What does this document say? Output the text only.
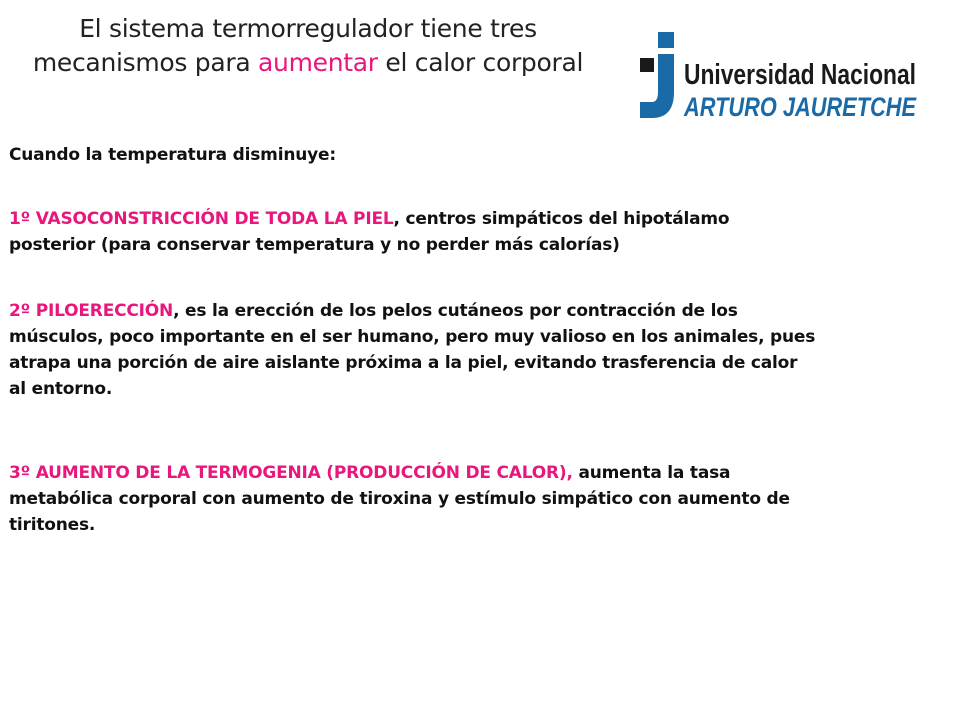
El sistema termorregulador tiene tres
mecanismos para aumentar el calor corporal	Universidad Nacional
ARTURO JAURETCHE

Cuando la temperatura disminuye:

1º VASOCONSTRICCIÓN DE TODA LA PIEL, centros simpáticos del hipotálamo posterior (para conservar temperatura y no perder más calorías)

2º PILOERECCIÓN, es la erección de los pelos cutáneos por contracción de los músculos, poco importante en el ser humano, pero muy valioso en los animales, pues atrapa una porción de aire aislante próxima a la piel, evitando trasferencia de calor al entorno.

3º AUMENTO DE LA TERMOGENIA (PRODUCCIÓN DE CALOR), aumenta la tasa metabólica corporal con aumento de tiroxina y estímulo simpático con aumento de tiritones.
